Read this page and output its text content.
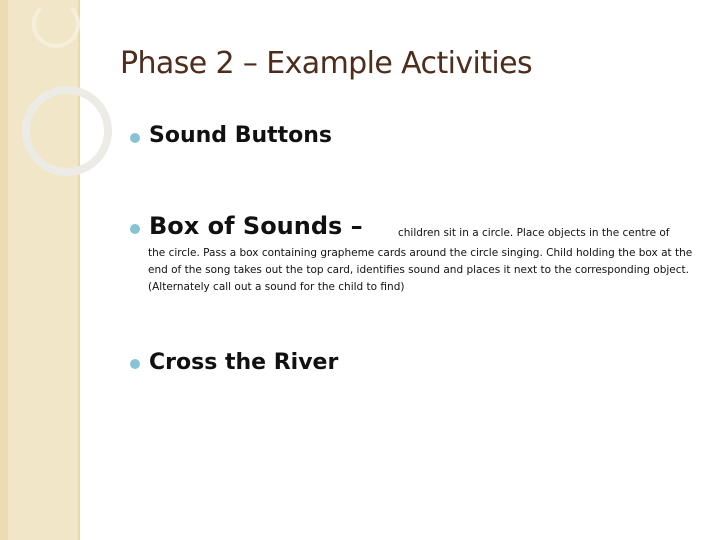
Phase 2 – Example Activities
Sound Buttons
Box of Sounds –	children sit in a circle. Place objects in the centre of
the circle. Pass a box containing grapheme cards around the circle singing. Child holding the box at the end of the song takes out the top card, identifies sound and places it next to the corresponding object. (Alternately call out a sound for the child to find)
Cross the River
